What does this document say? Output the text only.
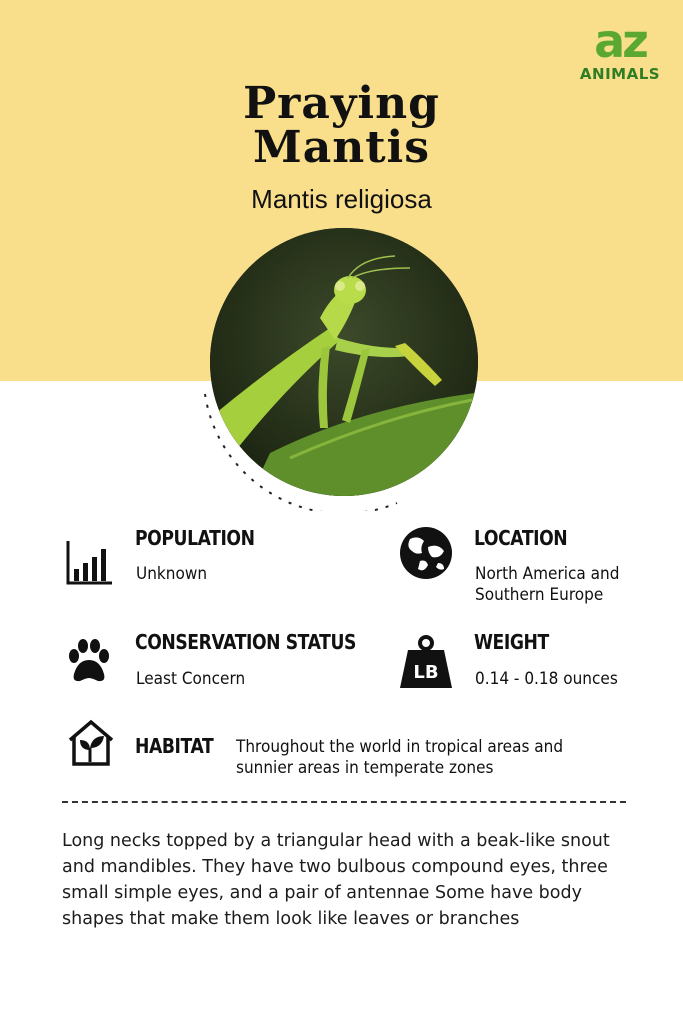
az
ANIMALS
Praying
Mantis
Mantis religiosa
POPULATION
Unknown
LOCATION
North America and
Southern Europe
CONSERVATION STATUS
Least Concern	LB
WEIGHT
0.14 - 0.18 ounces
HABITAT Throughout the world in tropical areas and
sunnier areas in temperate zones
Long necks topped by a triangular head with a beak-like snout and mandibles. They have two bulbous compound eyes, three small simple eyes, and a pair of antennae Some have body shapes that make them look like leaves or branches
